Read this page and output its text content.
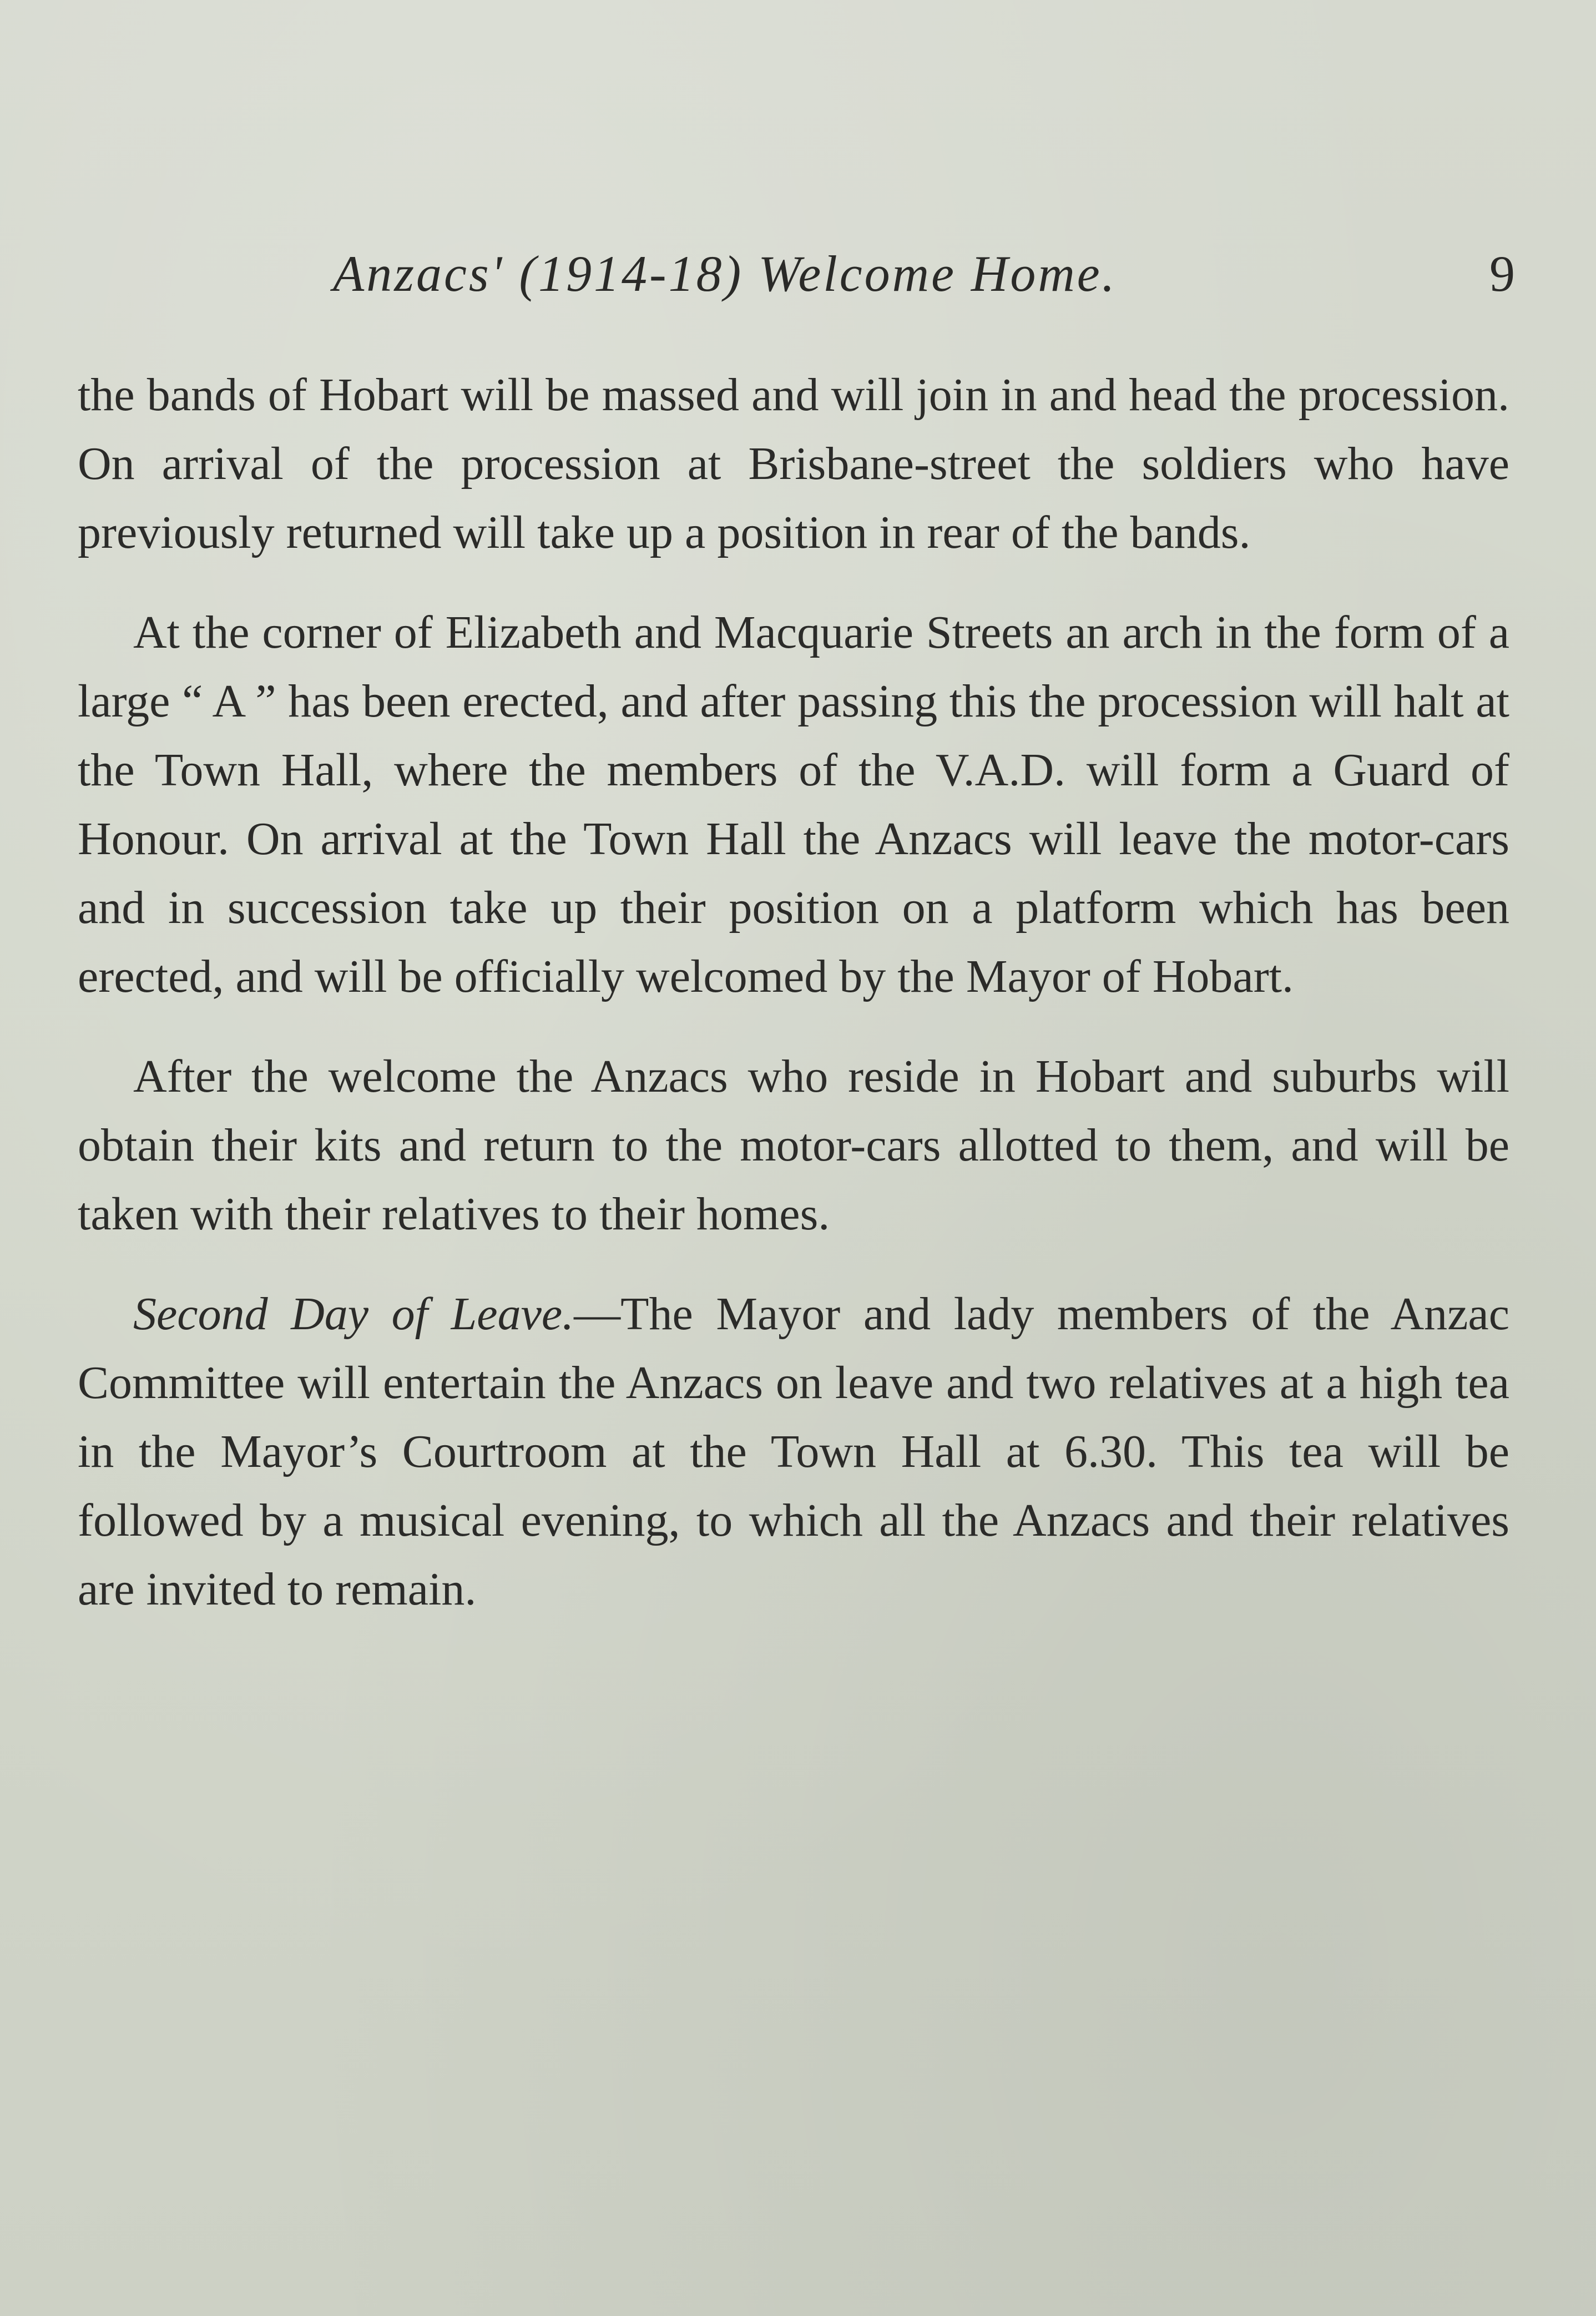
Anzacs' (1914-18) Welcome Home.	9

the bands of Hobart will be massed and will join in and head the procession. On arrival of the procession at Brisbane-street the soldiers who have previously returned will take up a position in rear of the bands.

At the corner of Elizabeth and Macquarie Streets an arch in the form of a large “ A ” has been erected, and after passing this the procession will halt at the Town Hall, where the members of the V.A.D. will form a Guard of Honour. On arrival at the Town Hall the Anzacs will leave the motor-cars and in succession take up their position on a platform which has been erected, and will be officially welcomed by the Mayor of Hobart.

After the welcome the Anzacs who reside in Hobart and suburbs will obtain their kits and return to the motor-cars allotted to them, and will be taken with their relatives to their homes.

Second Day of Leave.—The Mayor and lady members of the Anzac Committee will entertain the Anzacs on leave and two relatives at a high tea in the Mayor’s Courtroom at the Town Hall at 6.30. This tea will be followed by a musical evening, to which all the Anzacs and their relatives are invited to remain.
